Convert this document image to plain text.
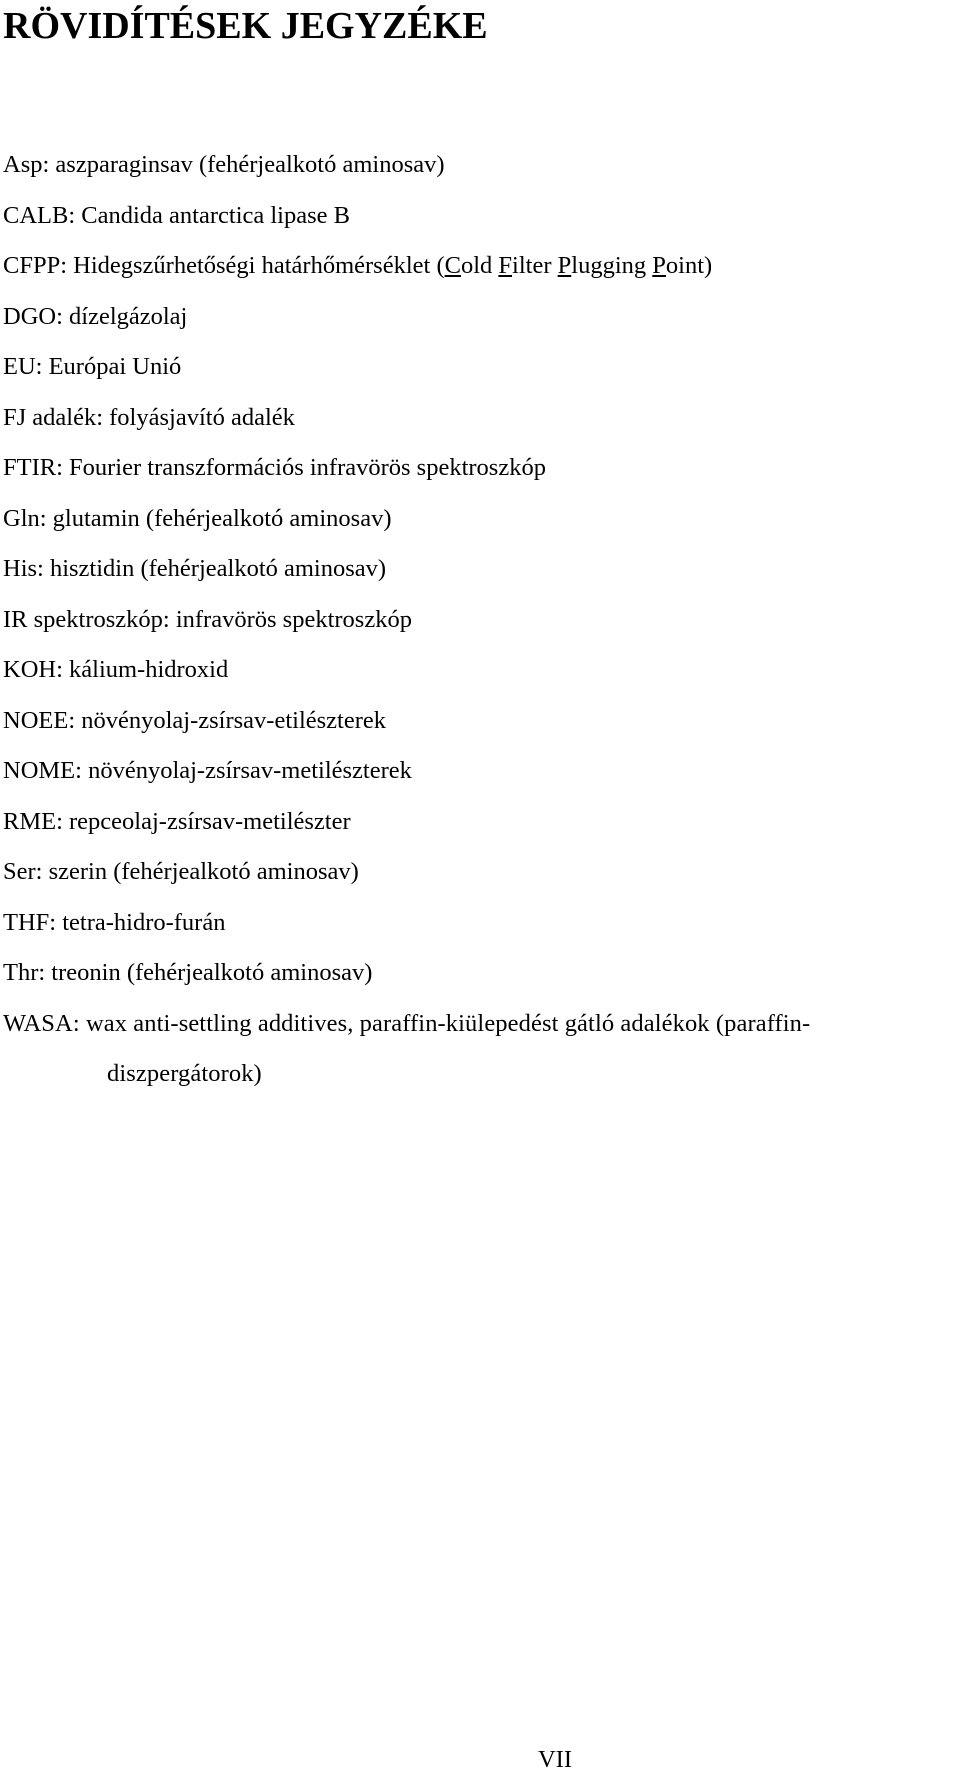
RÖVIDÍTÉSEK JEGYZÉKE
Asp: aszparaginsav (fehérjealkotó aminosav)
CALB: Candida antarctica lipase B
CFPP: Hidegszűrhetőségi határhőmérséklet (Cold Filter Plugging Point)
DGO: dízelgázolaj
EU: Európai Unió
FJ adalék: folyásjavító adalék
FTIR: Fourier transzformációs infravörös spektroszkóp
Gln: glutamin (fehérjealkotó aminosav)
His: hisztidin (fehérjealkotó aminosav)
IR spektroszkóp: infravörös spektroszkóp
KOH: kálium-hidroxid
NOEE: növényolaj-zsírsav-etilészterek
NOME: növényolaj-zsírsav-metilészterek
RME: repceolaj-zsírsav-metilészter
Ser: szerin (fehérjealkotó aminosav)
THF: tetra-hidro-furán
Thr: treonin (fehérjealkotó aminosav)
WASA: wax anti-settling additives, paraffin-kiülepedést gátló adalékok (paraffin-diszpergátorok)
VII
